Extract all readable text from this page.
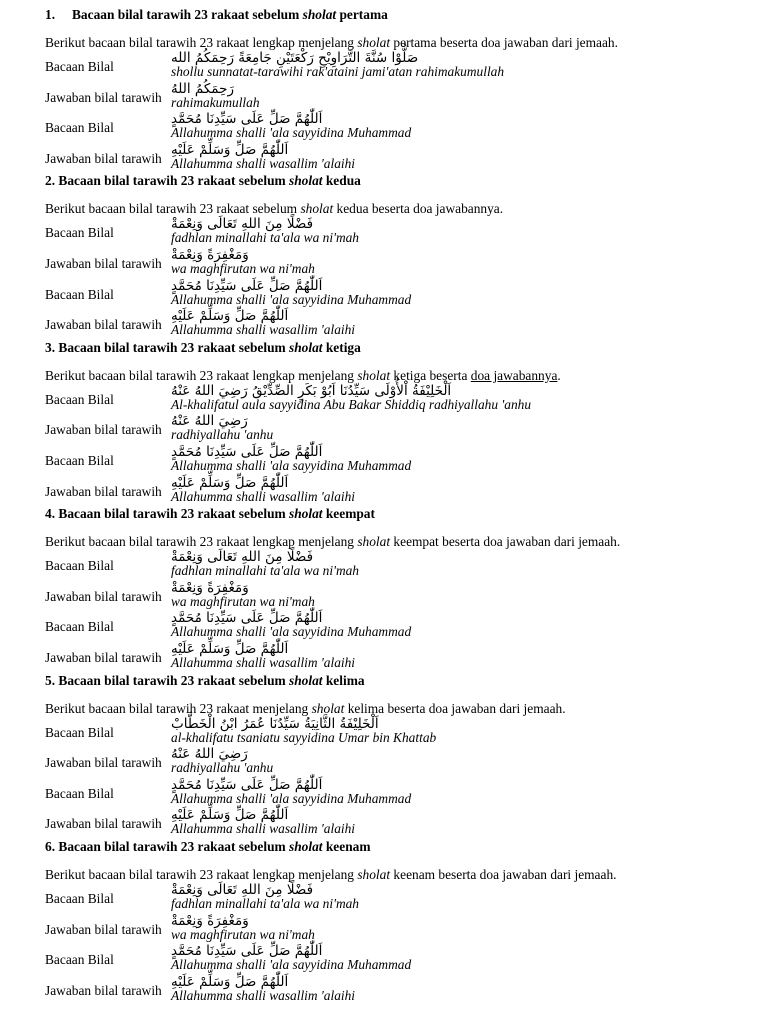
1. Bacaan bilal tarawih 23 rakaat sebelum sholat pertama
Berikut bacaan bilal tarawih 23 rakaat lengkap menjelang sholat pertama beserta doa jawaban dari jemaah.
Bacaan Bilal
صَلُّوْا سُنَّةَ التَّرَاوِيْحِ رَكْعَتَيْنِ جَامِعَةً رَحِمَكُمُ الله
shollu sunnatat-tarawihi rak'ataini jami'atan rahimakumullah
Jawaban bilal tarawih
رَحِمَكُمُ اللهُ
rahimakumullah
Bacaan Bilal
اَللّٰهُمَّ صَلِّ عَلَى سَيِّدِنَا مُحَمَّدٍ
Allahumma shalli 'ala sayyidina Muhammad
Jawaban bilal tarawih
اَللّٰهُمَّ صَلِّ وَسَلِّمْ عَلَيْهِ
Allahumma shalli wasallim 'alaihi
2. Bacaan bilal tarawih 23 rakaat sebelum sholat kedua
Berikut bacaan bilal tarawih 23 rakaat sebelum sholat kedua beserta doa jawabannya.
Bacaan Bilal
فَضْلًا مِنَ اللهِ تَعَالَى وَنِعْمَةْ
fadhlan minallahi ta'ala wa ni'mah
Jawaban bilal tarawih
وَمَغْفِرَةً وَنِعْمَةْ
wa maghfirutan wa ni'mah
Bacaan Bilal
اَللّٰهُمَّ صَلِّ عَلَى سَيِّدِنَا مُحَمَّدٍ
Allahumma shalli 'ala sayyidina Muhammad
Jawaban bilal tarawih
اَللّٰهُمَّ صَلِّ وَسَلِّمْ عَلَيْهِ
Allahumma shalli wasallim 'alaihi
3. Bacaan bilal tarawih 23 rakaat sebelum sholat ketiga
Berikut bacaan bilal tarawih 23 rakaat lengkap menjelang sholat ketiga beserta doa jawabannya.
Bacaan Bilal
اَلْخَلِيْفَةُ اْلأُوْلَى سَيِّدُنَا اَبُوْ بَكَرٍ الصِّدِّيْقُ رَضِيَ اللهُ عَنْهُ
Al-khalifatul aula sayyidina Abu Bakar Shiddiq radhiyallahu 'anhu
Jawaban bilal tarawih
رَضِيَ اللهُ عَنْهُ
radhiyallahu 'anhu
Bacaan Bilal
اَللّٰهُمَّ صَلِّ عَلَى سَيِّدِنَا مُحَمَّدٍ
Allahumma shalli 'ala sayyidina Muhammad
Jawaban bilal tarawih
اَللّٰهُمَّ صَلِّ وَسَلِّمْ عَلَيْهِ
Allahumma shalli wasallim 'alaihi
4. Bacaan bilal tarawih 23 rakaat sebelum sholat keempat
Berikut bacaan bilal tarawih 23 rakaat lengkap menjelang sholat keempat beserta doa jawaban dari jemaah.
Bacaan Bilal
فَضْلًا مِنَ اللهِ تَعَالَى وَنِعْمَةْ
fadhlan minallahi ta'ala wa ni'mah
Jawaban bilal tarawih
وَمَغْفِرَةً وَنِعْمَةْ
wa maghfirutan wa ni'mah
Bacaan Bilal
اَللّٰهُمَّ صَلِّ عَلَى سَيِّدِنَا مُحَمَّدٍ
Allahumma shalli 'ala sayyidina Muhammad
Jawaban bilal tarawih
اَللّٰهُمَّ صَلِّ وَسَلِّمْ عَلَيْهِ
Allahumma shalli wasallim 'alaihi
5. Bacaan bilal tarawih 23 rakaat sebelum sholat kelima
Berikut bacaan bilal tarawih 23 rakaat menjelang sholat kelima beserta doa jawaban dari jemaah.
Bacaan Bilal
اَلْخَلِيْفَةُ الثَّانِيَةُ سَيِّدُنَا عُمَرُ ابْنُ الْخَطَّابْ
al-khalifatu tsaniatu sayyidina Umar bin Khattab
Jawaban bilal tarawih
رَضِيَ اللهُ عَنْهُ
radhiyallahu 'anhu
Bacaan Bilal
اَللّٰهُمَّ صَلِّ عَلَى سَيِّدِنَا مُحَمَّدٍ
Allahumma shalli 'ala sayyidina Muhammad
Jawaban bilal tarawih
اَللّٰهُمَّ صَلِّ وَسَلِّمْ عَلَيْهِ
Allahumma shalli wasallim 'alaihi
6. Bacaan bilal tarawih 23 rakaat sebelum sholat keenam
Berikut bacaan bilal tarawih 23 rakaat lengkap menjelang sholat keenam beserta doa jawaban dari jemaah.
Bacaan Bilal
فَضْلًا مِنَ اللهِ تَعَالَى وَنِعْمَةْ
fadhlan minallahi ta'ala wa ni'mah
Jawaban bilal tarawih
وَمَغْفِرَةً وَنِعْمَةْ
wa maghfirutan wa ni'mah
Bacaan Bilal
اَللّٰهُمَّ صَلِّ عَلَى سَيِّدِنَا مُحَمَّدٍ
Allahumma shalli 'ala sayyidina Muhammad
Jawaban bilal tarawih
اَللّٰهُمَّ صَلِّ وَسَلِّمْ عَلَيْهِ
Allahumma shalli wasallim 'alaihi
